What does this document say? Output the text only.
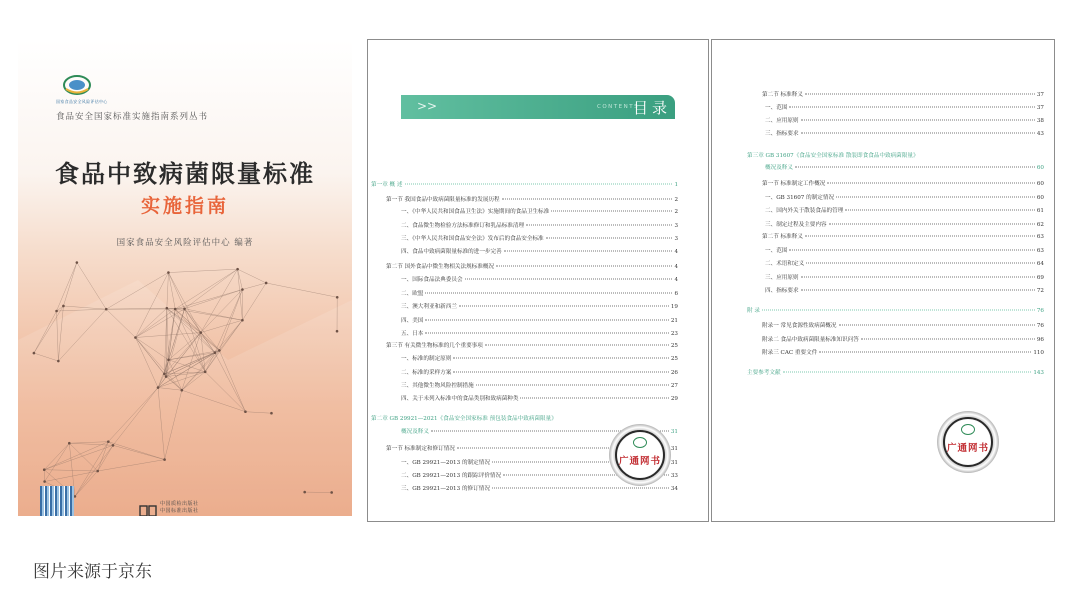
国家食品安全风险评估中心
食品安全国家标准实施指南系列丛书
食品中致病菌限量标准
实施指南
国家食品安全风险评估中心 编著
中国质检出版社
中国标准出版社
>>	CONTENTS
目录
第一章 概 述	1
第一节 我国食品中致病菌限量标准的发展历程	2
一、《中华人民共和国食品卫生法》实施期间的食品卫生标准	2
二、食品微生物检验方法标准修订和乳品标准清理	3
三、《中华人民共和国食品安全法》发布后的食品安全标准	3
四、食品中致病菌限量标准的进一步完善	4
第二节 国外食品中微生物相关法规标准概况	4
一、国际食品法典委员会	4
二、欧盟	6
三、澳大利亚和新西兰	19
四、美国	21
五、日本	23
第三节 有关微生物标准的几个重要事项	25
一、标准的制定原则	25
二、标准的采样方案	26
三、其他微生物风险控制措施	27
四、关于未列入标准中的食品类别和致病菌种类	29
第二章 GB 29921—2021《食品安全国家标准 预包装食品中致病菌限量》
概况及释义	31
第一节 标准制定和修订情况	31
一、GB 29921—2013 的制定情况	31
二、GB 29921—2013 的跟踪评价情况	33
三、GB 29921—2013 的修订情况	34
广通网书
第二节 标准释义	37
一、范围	37
二、应用原则	38
三、指标要求	43
第三章 GB 31607《食品安全国家标准 散装即食食品中致病菌限量》
概况及释义	60
第一节 标准制定工作概况	60
一、GB 31607 的制定情况	60
二、国内外关于散装食品的管理	61
三、制定过程及主要内容	62
第二节 标准释义	63
一、范围	63
二、术语和定义	64
三、应用原则	69
四、指标要求	72
附 录	76
附录一 常见食源性致病菌概况	76
附录二 食品中致病菌限量标准知识问答	96
附录三 CAC 重要文件	110
主要参考文献	143
广通网书
图片来源于京东
